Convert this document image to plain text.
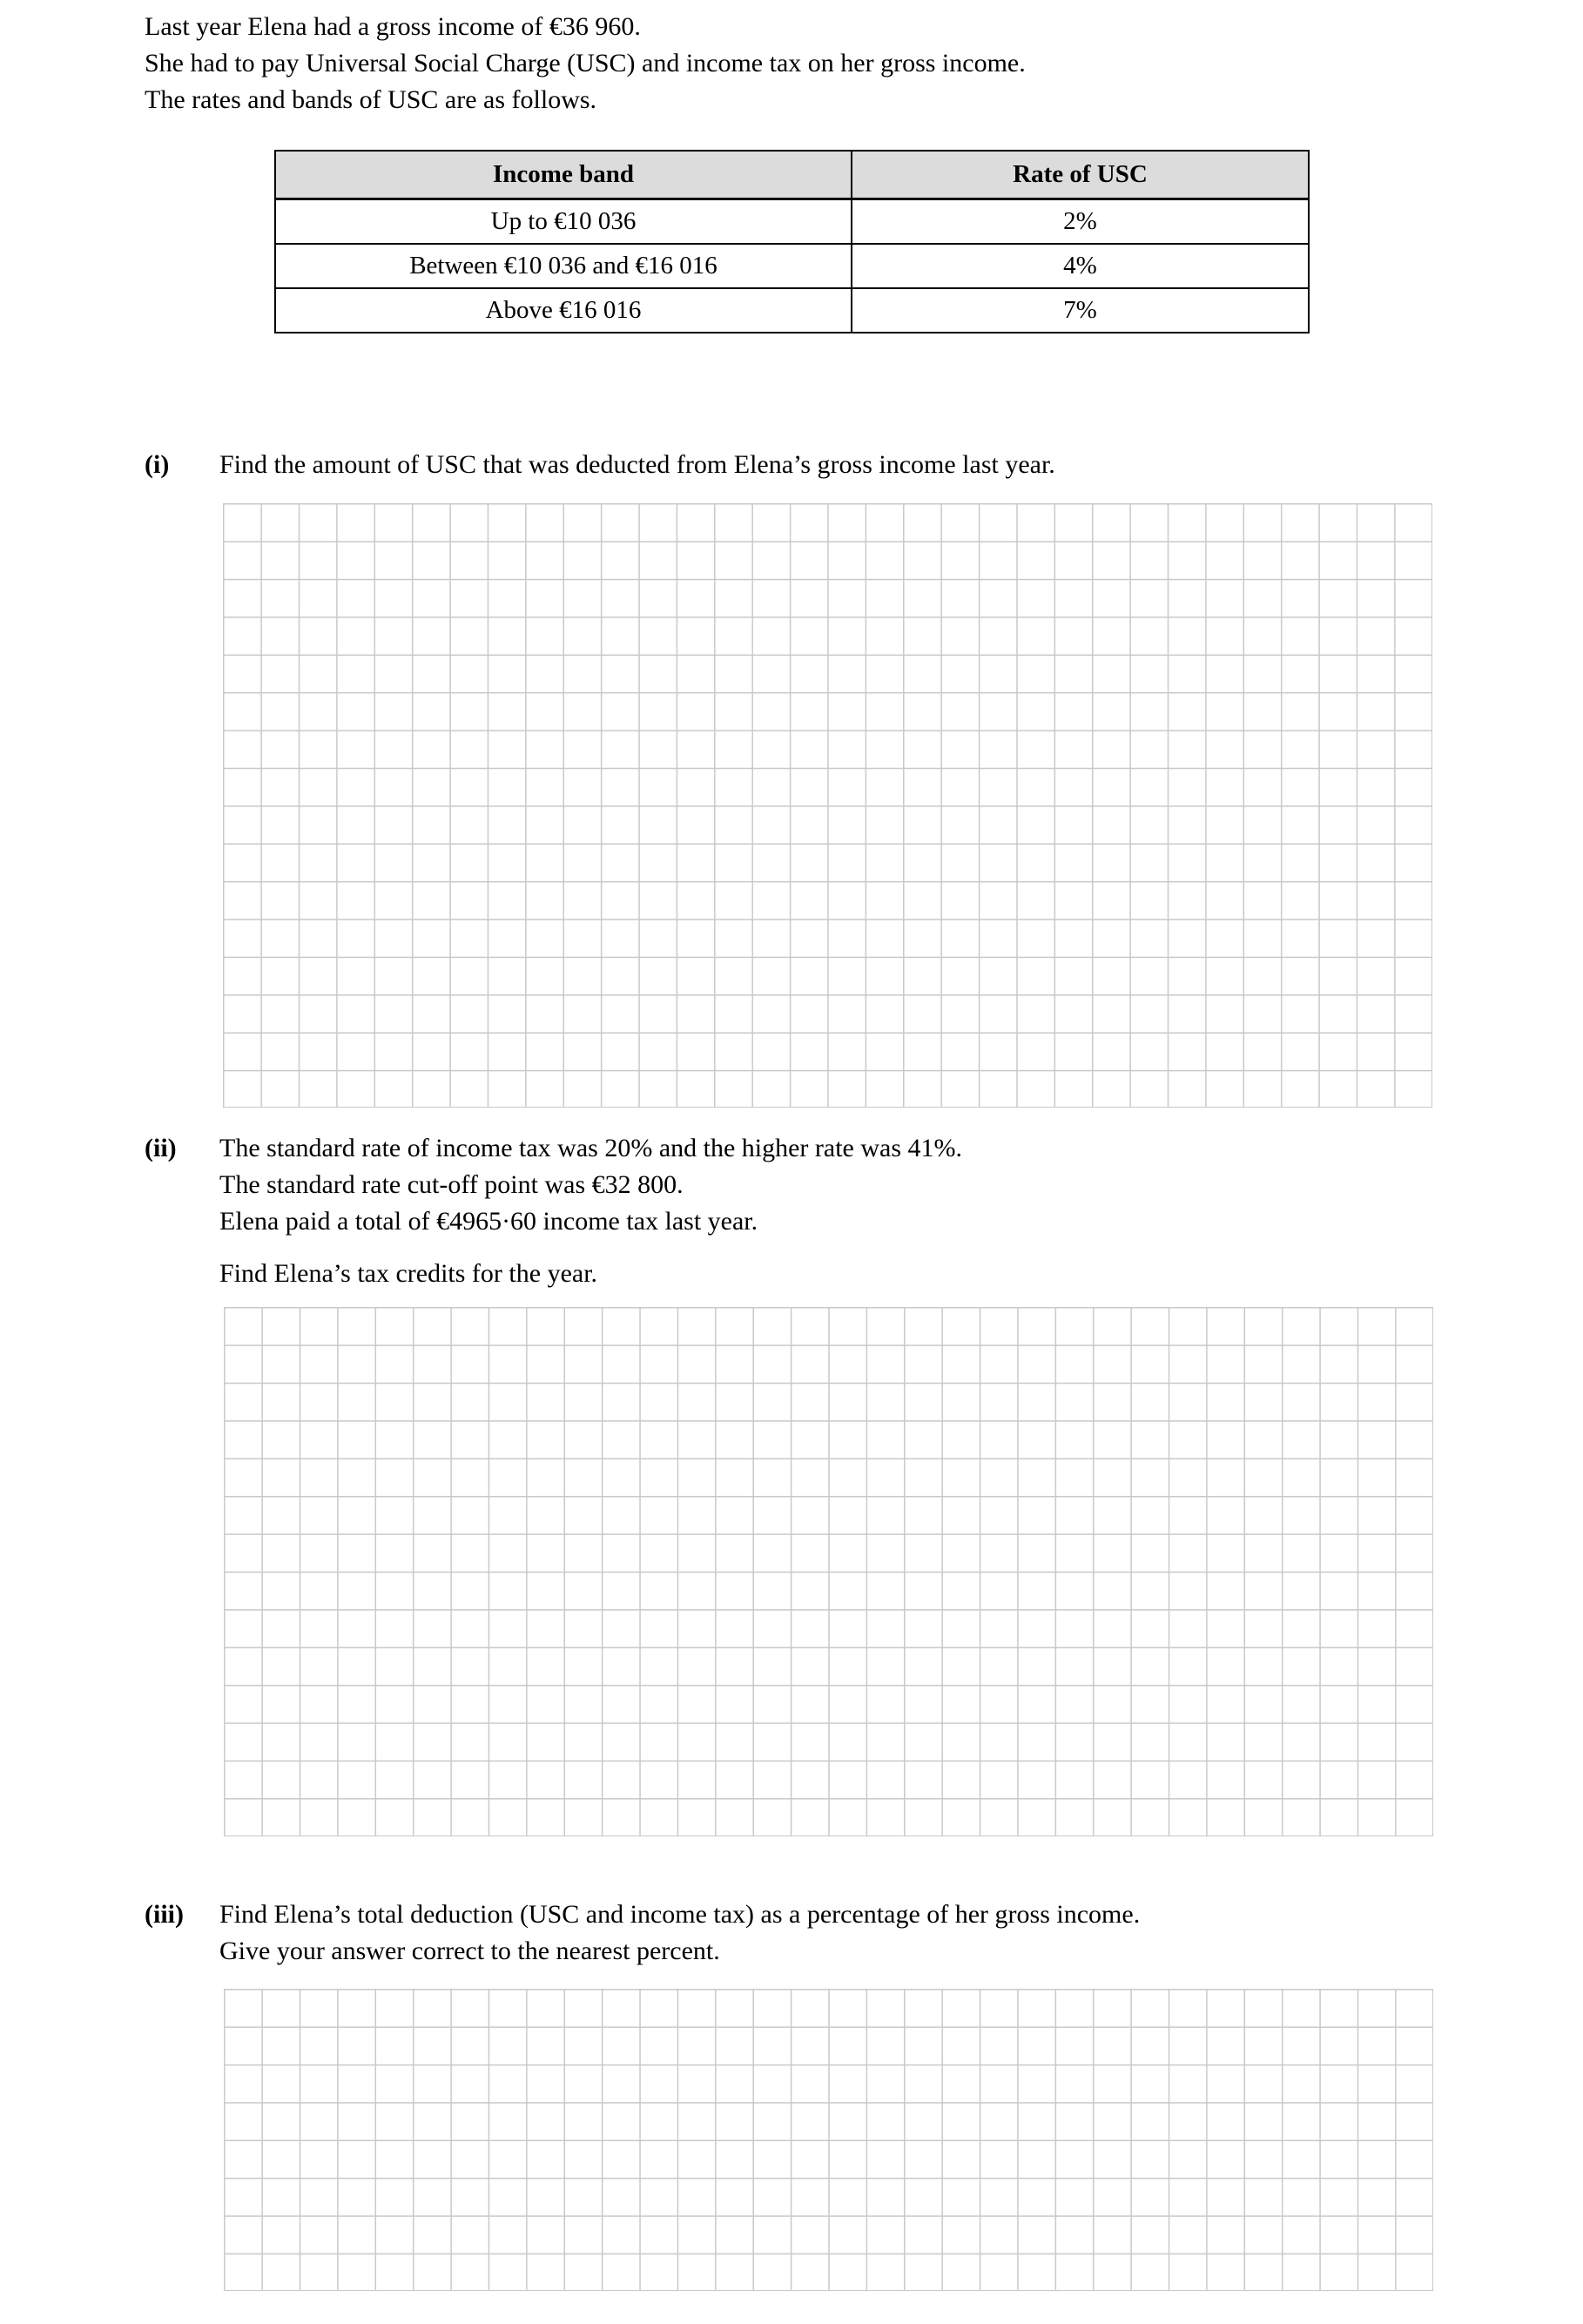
Last year Elena had a gross income of €36 960.
She had to pay Universal Social Charge (USC) and income tax on her gross income.
The rates and bands of USC are as follows.
Income band	Rate of USC
Up to €10 036	2%
Between €10 036 and €16 016	4%
Above €16 016	7%
(i)	Find the amount of USC that was deducted from Elena’s gross income last year.
(ii)	The standard rate of income tax was 20% and the higher rate was 41%.
The standard rate cut-off point was €32 800.
Elena paid a total of €4965·60 income tax last year.
Find Elena’s tax credits for the year.
(iii)	Find Elena’s total deduction (USC and income tax) as a percentage of her gross income.
Give your answer correct to the nearest percent.
